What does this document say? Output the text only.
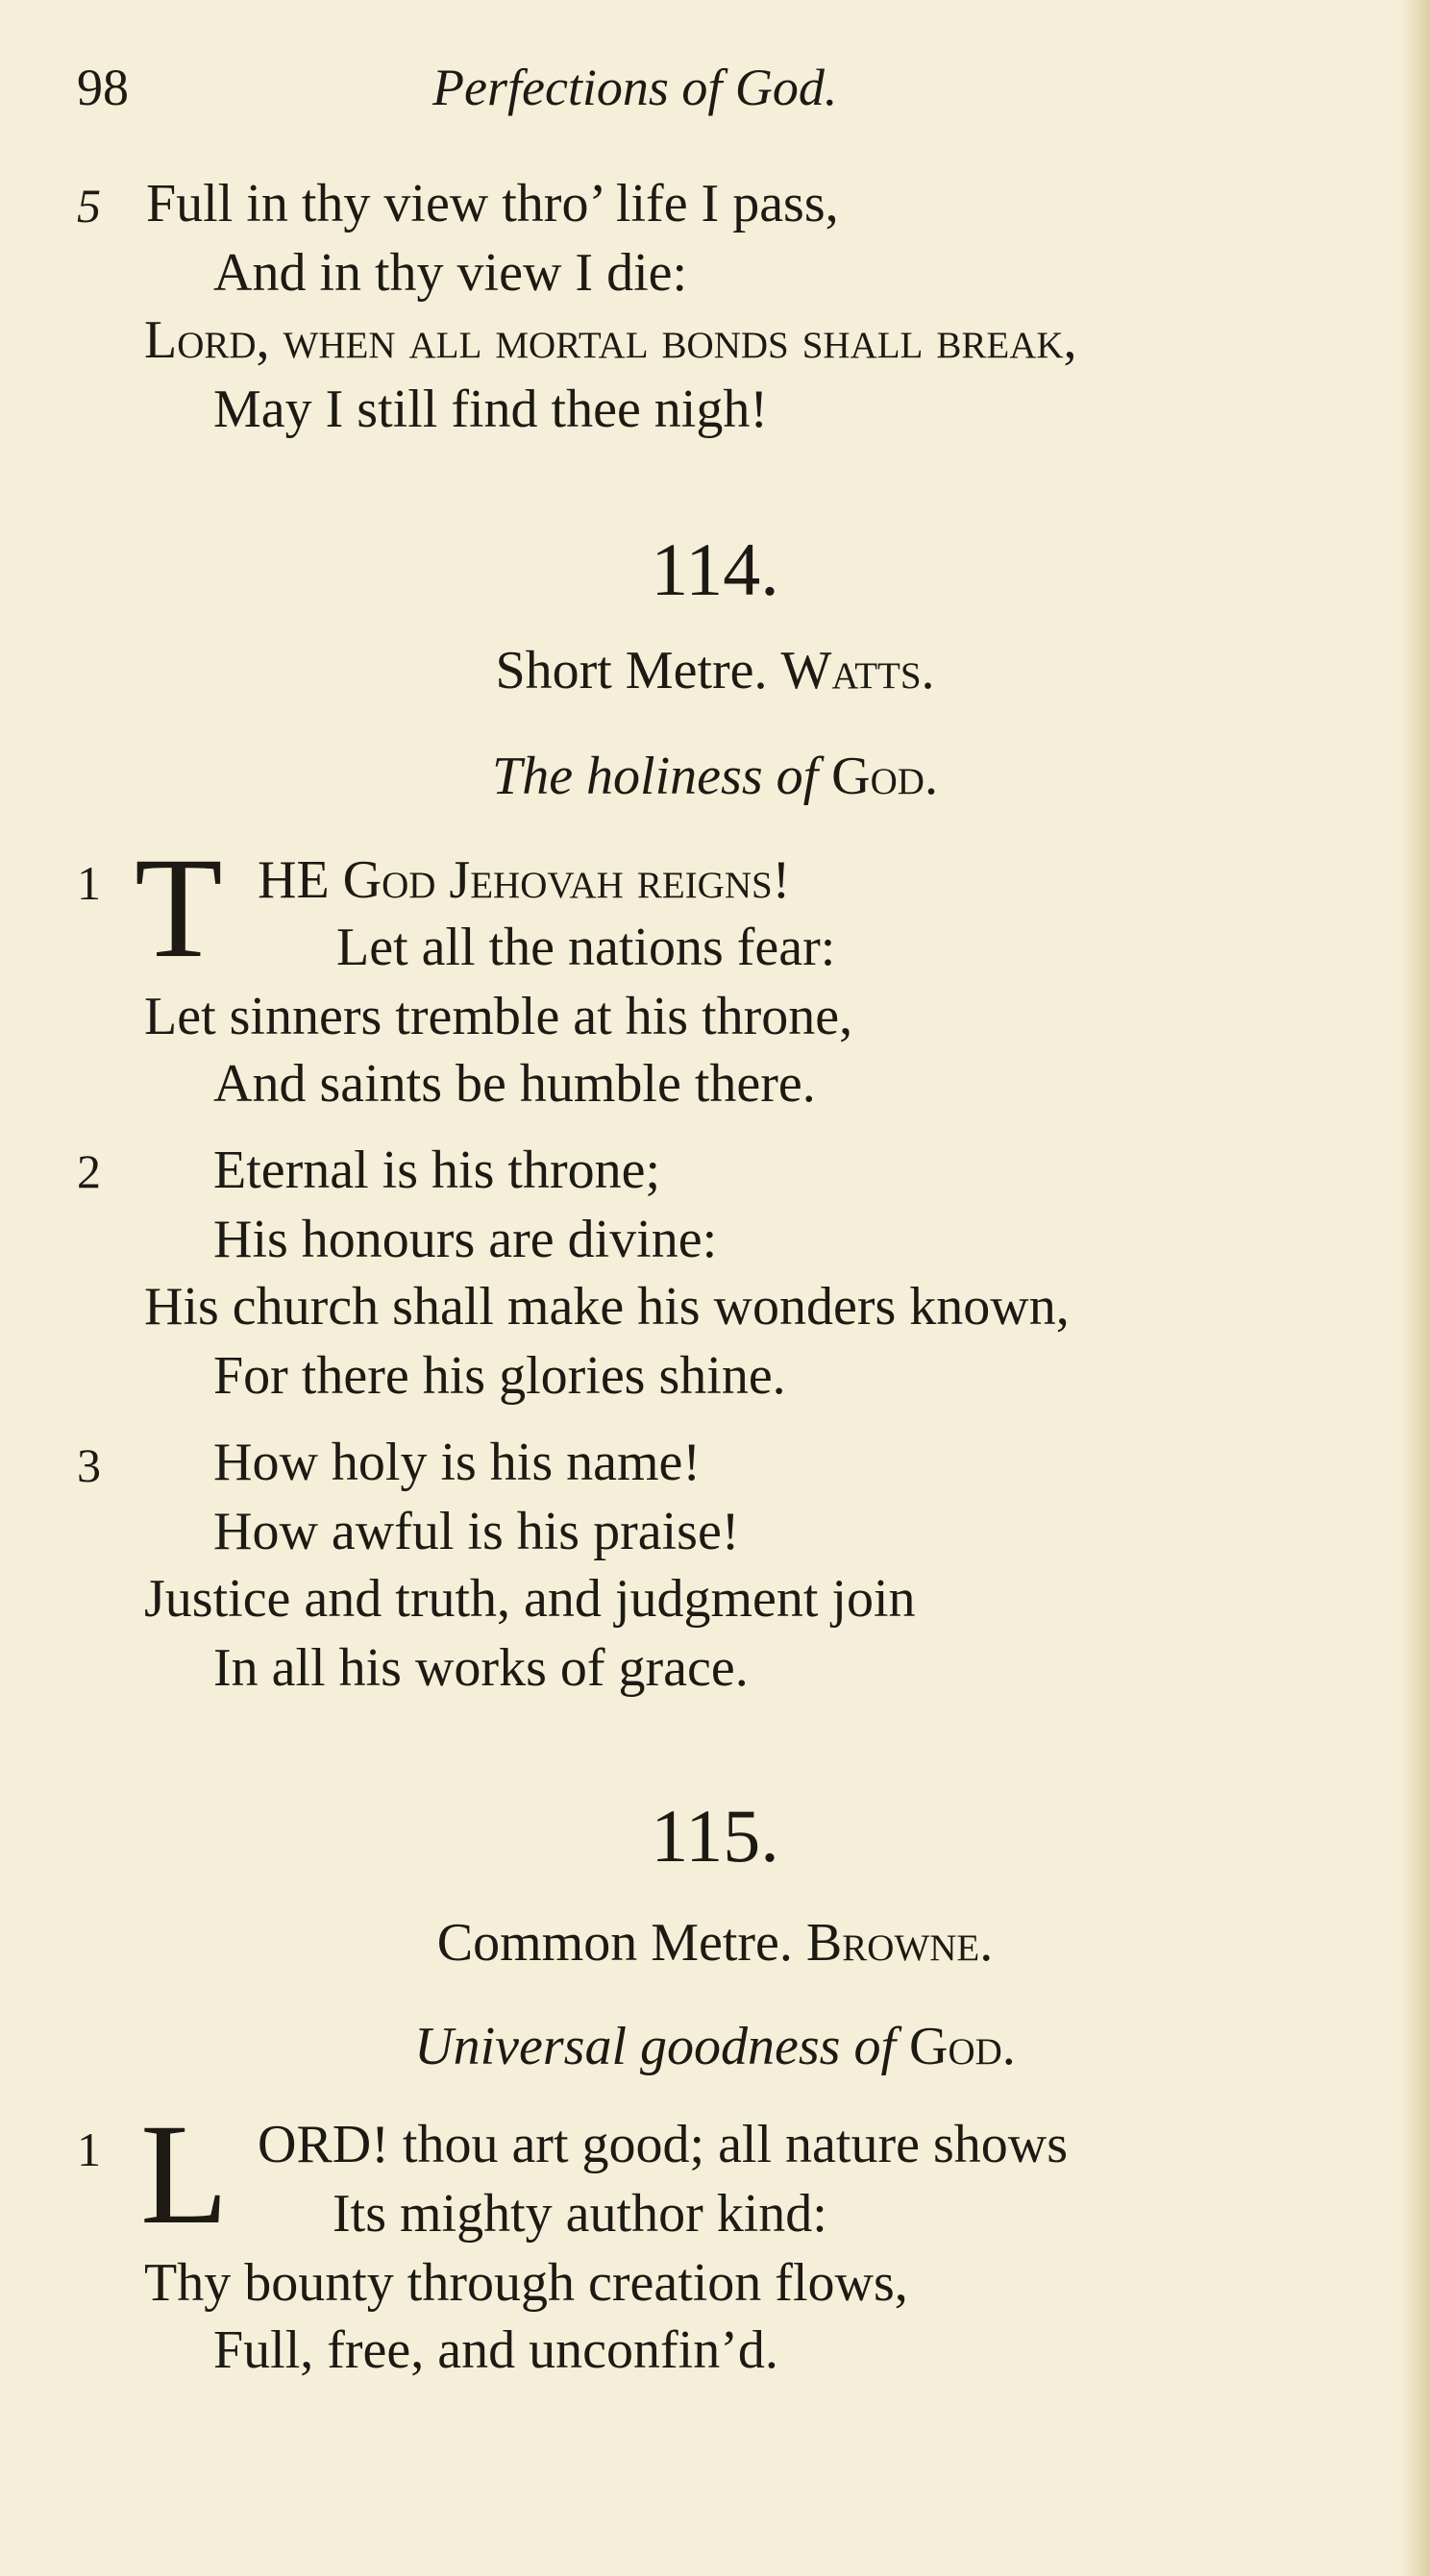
98	Perfections of God.
5 Full in thy view thro’ life I pass,
And in thy view I die:
Lord, when all mortal bonds shall break,
May I still find thee nigh!
114.
Short Metre. Watts.
The holiness of God.
1 T HE God Jehovah reigns!
Let all the nations fear:
Let sinners tremble at his throne,
And saints be humble there.
2 Eternal is his throne;
His honours are divine:
His church shall make his wonders known,
For there his glories shine.
3 How holy is his name!
How awful is his praise!
Justice and truth, and judgment join
In all his works of grace.
115.
Common Metre. Browne.
Universal goodness of God.
1 L ORD! thou art good; all nature shows
Its mighty author kind:
Thy bounty through creation flows,
Full, free, and unconfin’d.
